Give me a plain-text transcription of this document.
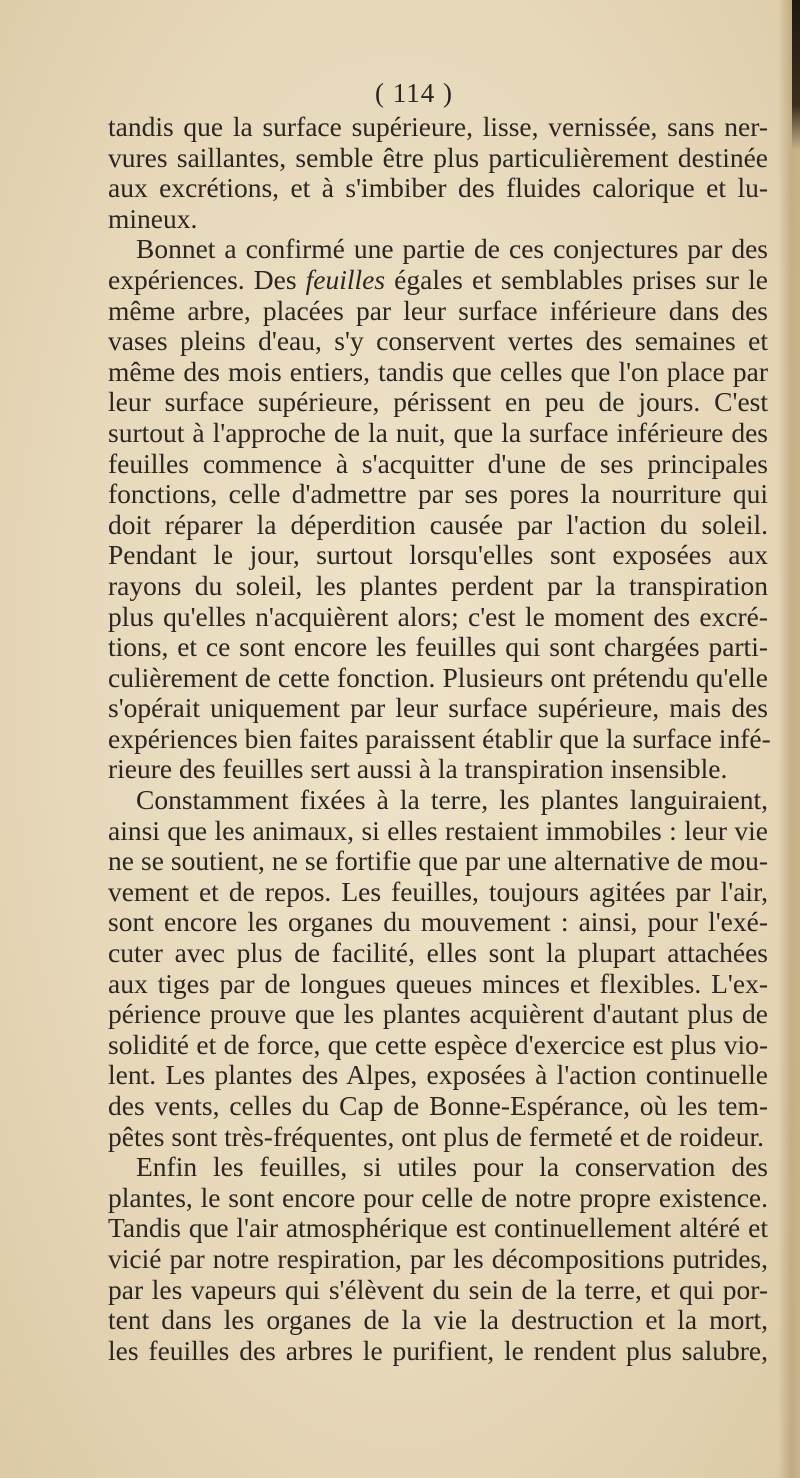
( 114 )
tandis que la surface supérieure, lisse, vernissée, sans ner-
vures saillantes, semble être plus particulièrement destinée
aux excrétions, et à s'imbiber des fluides calorique et lu-
mineux.
Bonnet a confirmé une partie de ces conjectures par des
expériences. Des feuilles égales et semblables prises sur le
même arbre, placées par leur surface inférieure dans des
vases pleins d'eau, s'y conservent vertes des semaines et
même des mois entiers, tandis que celles que l'on place par
leur surface supérieure, périssent en peu de jours. C'est
surtout à l'approche de la nuit, que la surface inférieure des
feuilles commence à s'acquitter d'une de ses principales
fonctions, celle d'admettre par ses pores la nourriture qui
doit réparer la déperdition causée par l'action du soleil.
Pendant le jour, surtout lorsqu'elles sont exposées aux
rayons du soleil, les plantes perdent par la transpiration
plus qu'elles n'acquièrent alors; c'est le moment des excré-
tions, et ce sont encore les feuilles qui sont chargées parti-
culièrement de cette fonction. Plusieurs ont prétendu qu'elle
s'opérait uniquement par leur surface supérieure, mais des
expériences bien faites paraissent établir que la surface infé-
rieure des feuilles sert aussi à la transpiration insensible.
Constamment fixées à la terre, les plantes languiraient,
ainsi que les animaux, si elles restaient immobiles : leur vie
ne se soutient, ne se fortifie que par une alternative de mou-
vement et de repos. Les feuilles, toujours agitées par l'air,
sont encore les organes du mouvement : ainsi, pour l'exé-
cuter avec plus de facilité, elles sont la plupart attachées
aux tiges par de longues queues minces et flexibles. L'ex-
périence prouve que les plantes acquièrent d'autant plus de
solidité et de force, que cette espèce d'exercice est plus vio-
lent. Les plantes des Alpes, exposées à l'action continuelle
des vents, celles du Cap de Bonne-Espérance, où les tem-
pêtes sont très-fréquentes, ont plus de fermeté et de roideur.
Enfin les feuilles, si utiles pour la conservation des
plantes, le sont encore pour celle de notre propre existence.
Tandis que l'air atmosphérique est continuellement altéré et
vicié par notre respiration, par les décompositions putrides,
par les vapeurs qui s'élèvent du sein de la terre, et qui por-
tent dans les organes de la vie la destruction et la mort,
les feuilles des arbres le purifient, le rendent plus salubre,
